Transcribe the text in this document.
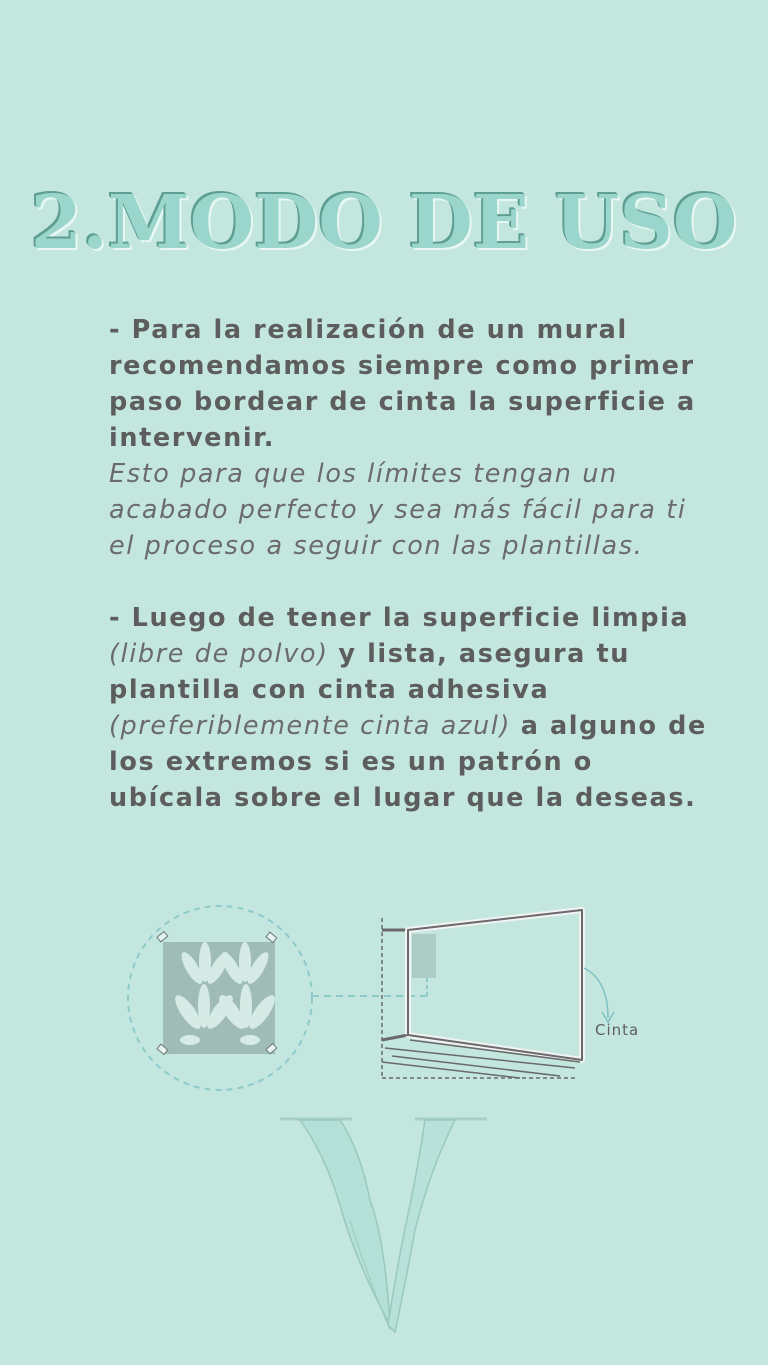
2.MODO DE USO

- Para la realización de un mural recomendamos siempre como primer paso bordear de cinta la superficie a intervenir.
Esto para que los límites tengan un acabado perfecto y sea más fácil para ti el proceso a seguir con las plantillas.

- Luego de tener la superficie limpia (libre de polvo) y lista, asegura tu plantilla con cinta adhesiva (preferiblemente cinta azul) a alguno de los extremos si es un patrón o ubícala sobre el lugar que la deseas.

Cinta
